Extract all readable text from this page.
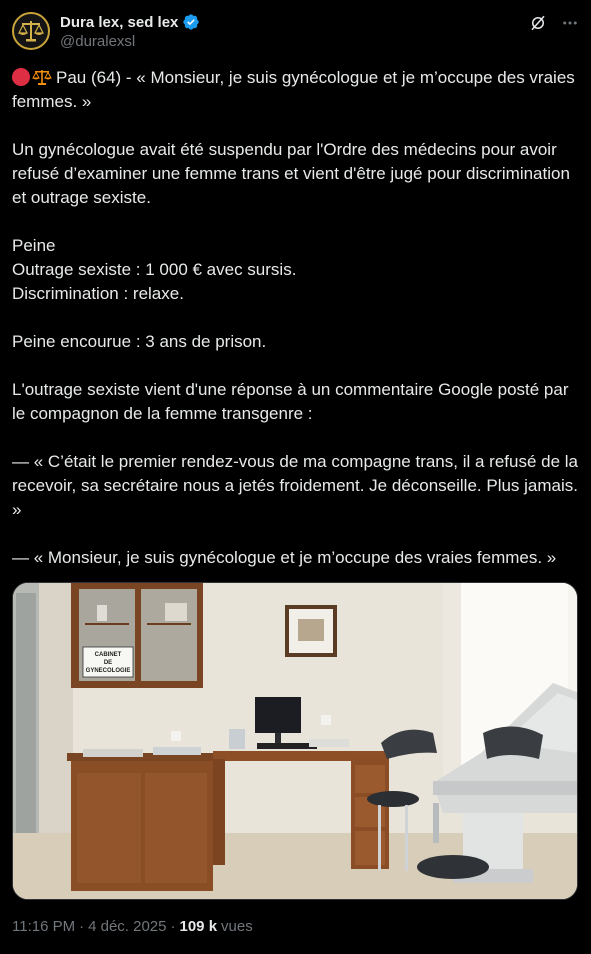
Dura lex, sed lex
@duralexsl

Pau (64) - « Monsieur, je suis gynécologue et je m’occupe des vraies femmes. »

Un gynécologue avait été suspendu par l'Ordre des médecins pour avoir refusé d’examiner une femme trans et vient d'être jugé pour discrimination et outrage sexiste.

Peine

Outrage sexiste : 1 000 € avec sursis.

Discrimination : relaxe.

Peine encourue : 3 ans de prison.

L'outrage sexiste vient d'une réponse à un commentaire Google posté par le compagnon de la femme transgenre :

— « C’était le premier rendez-vous de ma compagne trans, il a refusé de la recevoir, sa secrétaire nous a jetés froidement. Je déconseille. Plus jamais. »

— « Monsieur, je suis gynécologue et je m’occupe des vraies femmes. »

CABINET
DE
GYNECOLOGIE
11:16 PM · 4 déc. 2025 · 109 k vues
